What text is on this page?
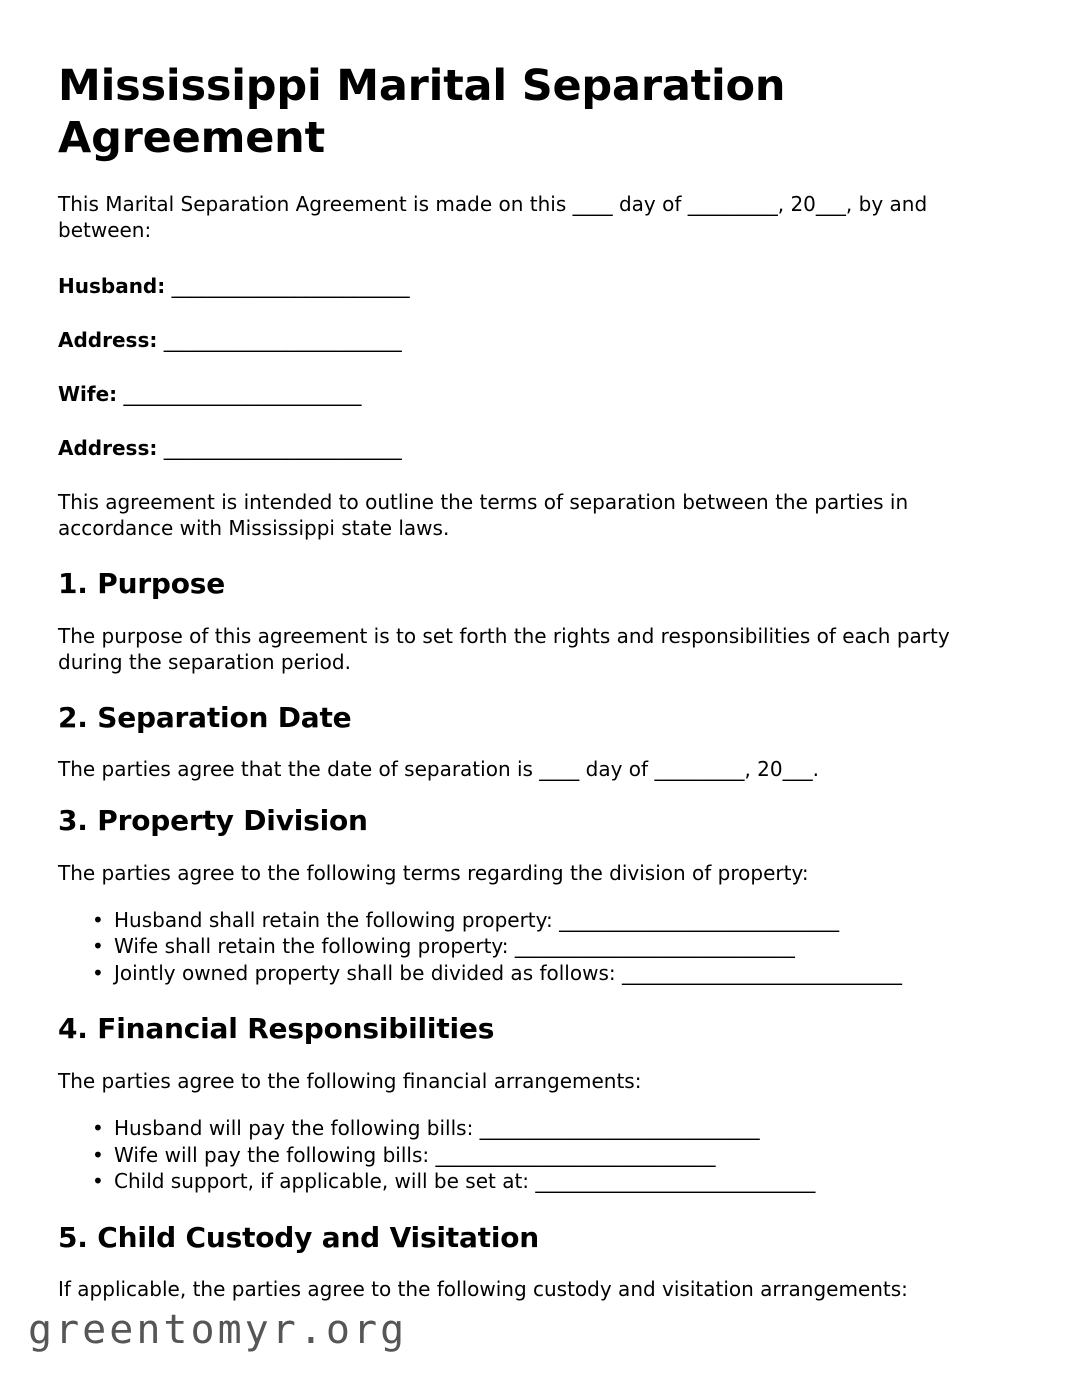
Mississippi Marital Separation Agreement

This Marital Separation Agreement is made on this ____ day of _________, 20___, by and between:

Husband: _________________________
Address: _________________________
Wife: _________________________
Address: _________________________

This agreement is intended to outline the terms of separation between the parties in accordance with Mississippi state laws.

1. Purpose

The purpose of this agreement is to set forth the rights and responsibilities of each party during the separation period.

2. Separation Date

The parties agree that the date of separation is ____ day of _________, 20___.

3. Property Division

The parties agree to the following terms regarding the division of property:

• Husband shall retain the following property: ____________________________
• Wife shall retain the following property: ____________________________
• Jointly owned property shall be divided as follows: ____________________________
4. Financial Responsibilities

The parties agree to the following financial arrangements:

• Husband will pay the following bills: ____________________________
• Wife will pay the following bills: ____________________________
• Child support, if applicable, will be set at: ____________________________
5. Child Custody and Visitation

If applicable, the parties agree to the following custody and visitation arrangements:

greentomyr.org
